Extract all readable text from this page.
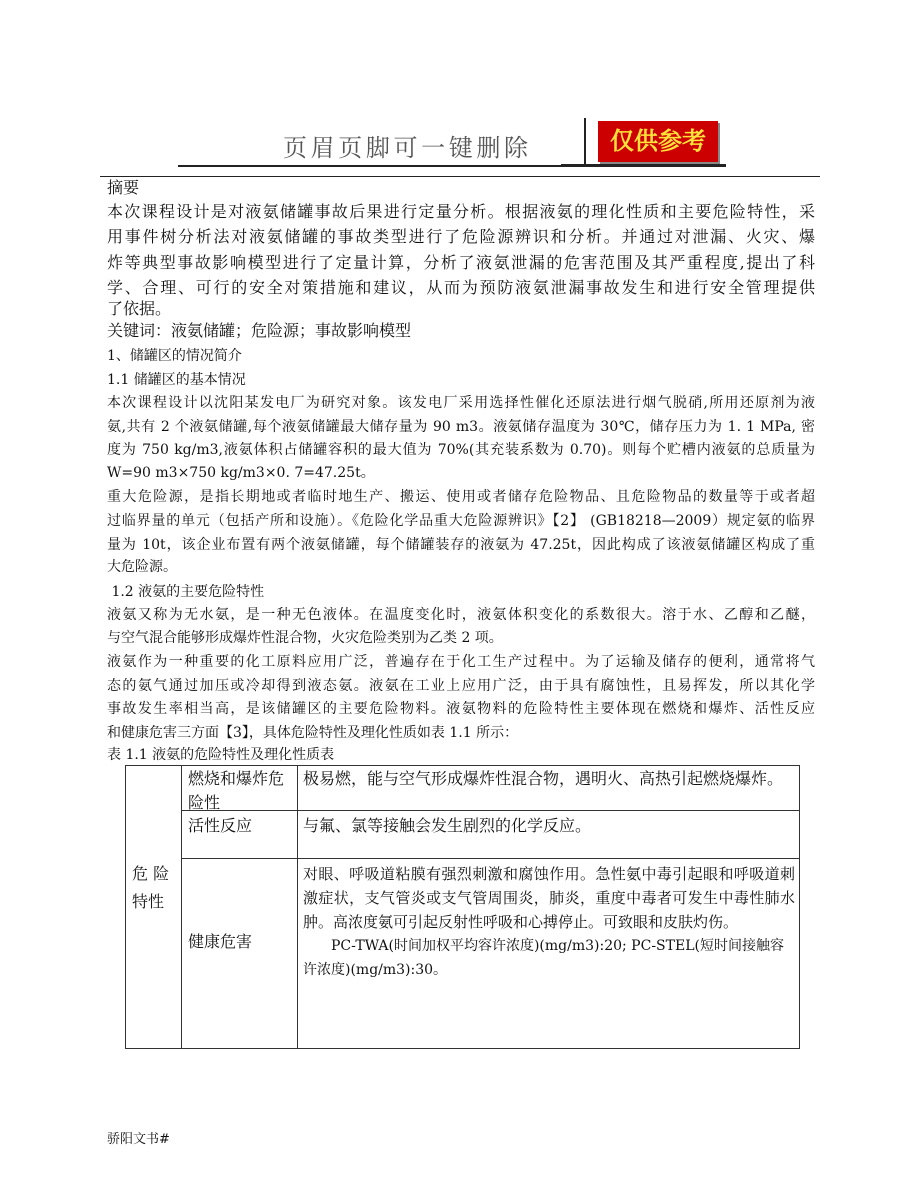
页眉页脚可一键删除	仅供参考
摘要
本次课程设计是对液氨储罐事故后果进行定量分析。根据液氨的理化性质和主要危险特性，采
用事件树分析法对液氨储罐的事故类型进行了危险源辨识和分析。并通过对泄漏、火灾、爆
炸等典型事故影响模型进行了定量计算，分析了液氨泄漏的危害范围及其严重程度,提出了科
学、合理、可行的安全对策措施和建议，从而为预防液氨泄漏事故发生和进行安全管理提供
了依据。
关键词：液氨储罐；危险源；事故影响模型
1、储罐区的情况简介
1.1 储罐区的基本情况
本次课程设计以沈阳某发电厂为研究对象。该发电厂采用选择性催化还原法进行烟气脱硝,所用还原剂为液
氨,共有 2 个液氨储罐,每个液氨储罐最大储存量为 90 m3。液氨储存温度为 30℃，储存压力为 1. 1 MPa, 密
度为 750 kg/m3,液氨体积占储罐容积的最大值为 70%(其充装系数为 0.70)。则每个贮槽内液氨的总质量为
W=90 m3×750 kg/m3×0. 7=47.25t。
重大危险源，是指长期地或者临时地生产、搬运、使用或者储存危险物品、且危险物品的数量等于或者超
过临界量的单元（包括产所和设施）。《危险化学品重大危险源辨识》【2】 (GB18218—2009）规定氨的临界
量为 10t，该企业布置有两个液氨储罐，每个储罐装存的液氨为 47.25t，因此构成了该液氨储罐区构成了重
大危险源。
1.2 液氨的主要危险特性
液氨又称为无水氨，是一种无色液体。在温度变化时，液氨体积变化的系数很大。溶于水、乙醇和乙醚，
与空气混合能够形成爆炸性混合物，火灾危险类别为乙类 2 项。
液氨作为一种重要的化工原料应用广泛，普遍存在于化工生产过程中。为了运输及储存的便利，通常将气
态的氨气通过加压或冷却得到液态氨。液氨在工业上应用广泛，由于具有腐蚀性，且易挥发，所以其化学
事故发生率相当高，是该储罐区的主要危险物料。液氨物料的危险特性主要体现在燃烧和爆炸、活性反应
和健康危害三方面【3】，具体危险特性及理化性质如表 1.1 所示：
表 1.1 液氨的危险特性及理化性质表
危 险
特性
燃烧和爆炸危险性
极易燃，能与空气形成爆炸性混合物，遇明火、高热引起燃烧爆炸。
活性反应	与氟、氯等接触会发生剧烈的化学反应。
健康危害
对眼、呼吸道粘膜有强烈刺激和腐蚀作用。急性氨中毒引起眼和呼吸道刺激症状，支气管炎或支气管周围炎，肺炎，重度中毒者可发生中毒性肺水肿。高浓度氨可引起反射性呼吸和心搏停止。可致眼和皮肤灼伤。
PC-TWA(时间加权平均容许浓度)(mg/m3):20; PC-STEL(短时间接触容许浓度)(mg/m3):30。
骄阳文书#
